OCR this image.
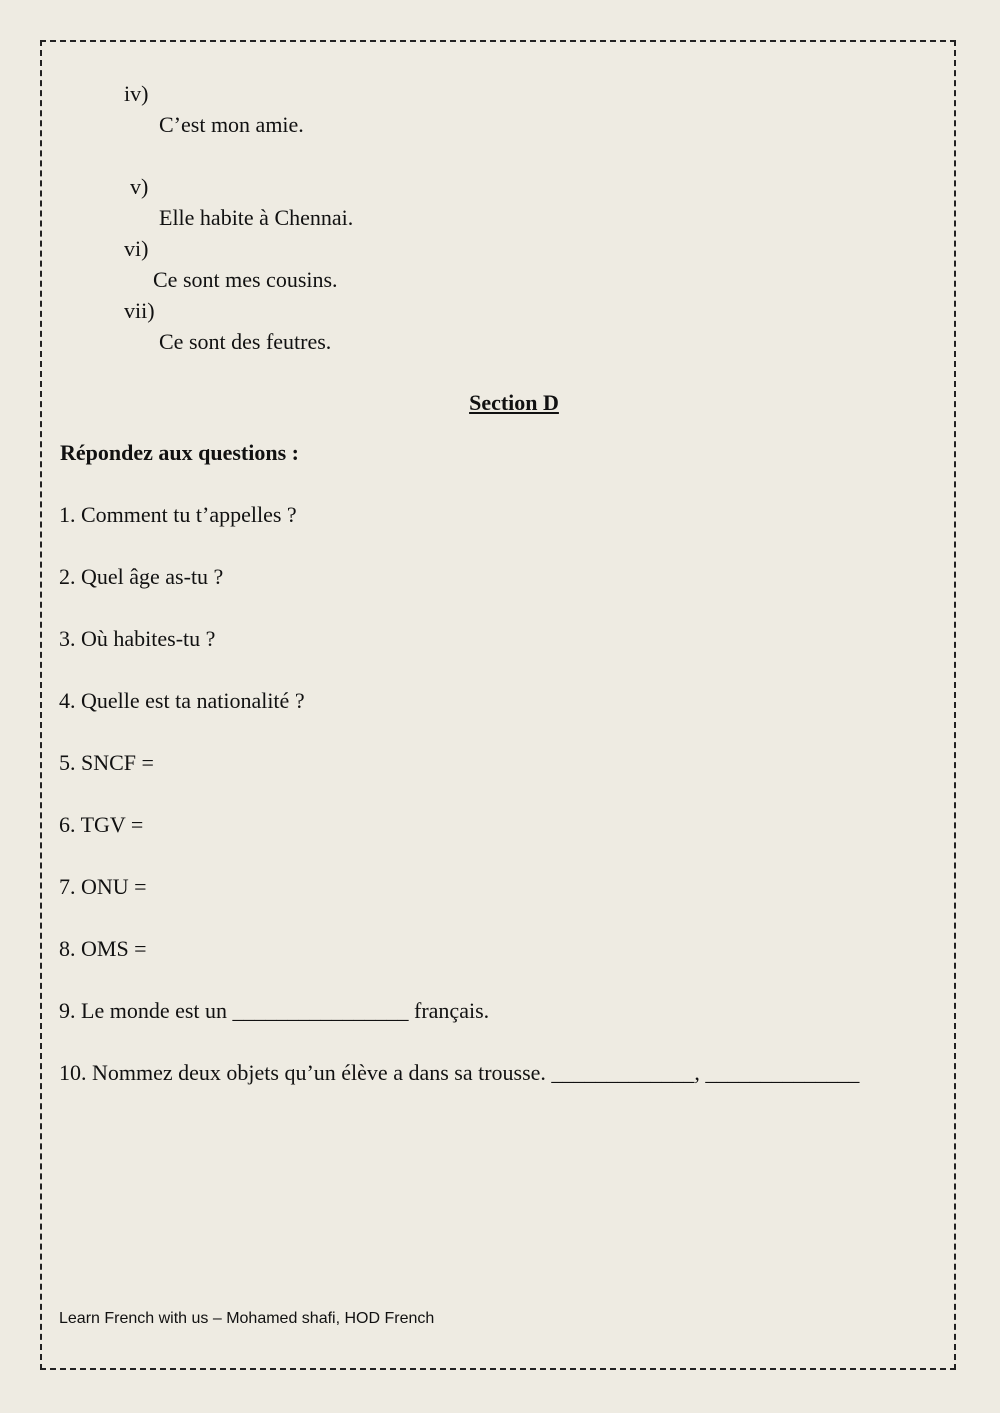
iv)
C’est mon amie.
v)
Elle habite à Chennai.
vi)
Ce sont mes cousins.
vii)
Ce sont des feutres.
Section D
Répondez aux questions :
1. Comment tu t’appelles ?
2. Quel âge as-tu ?
3. Où habites-tu ?
4. Quelle est ta nationalité ?
5. SNCF =
6. TGV =
7. ONU =
8. OMS =
9. Le monde est un ________________ français.
10. Nommez deux objets qu’un élève a dans sa trousse. _____________, ______________
Learn French with us – Mohamed shafi, HOD French
